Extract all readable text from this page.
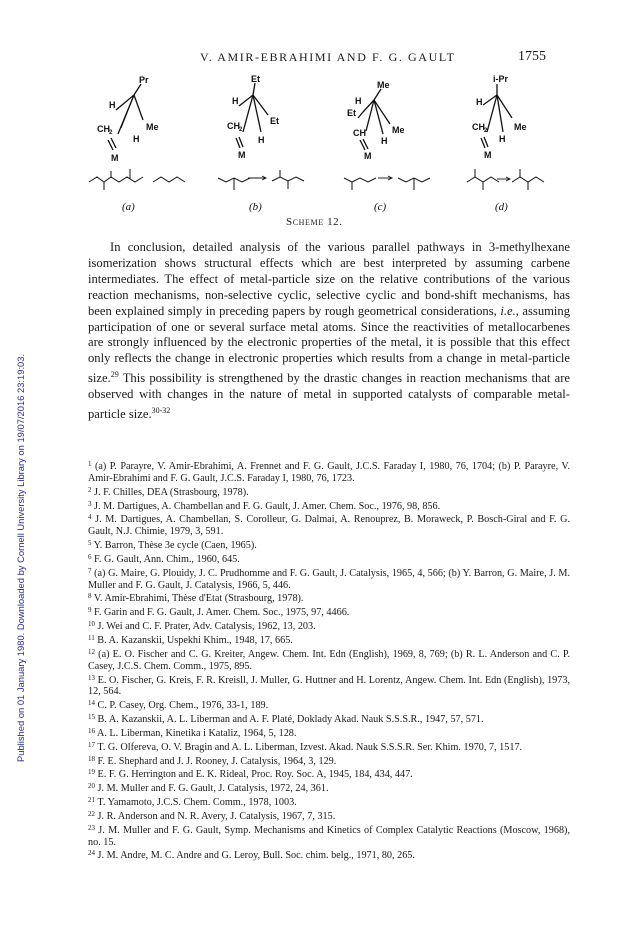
Published on 01 January 1980. Downloaded by Cornell University Library on 19/07/2016 23:19:03.
V. AMIR-EBRAHIMI AND F. G. GAULT	1755
H
Pr
CH 2
Me
H
M
H
Et
CH 2
Et
H
M
H
Me
Et
CH	Me
H
M
H
i-Pr
CH 2	Me
H
M
(a)	(b)	(c)	(d)
Scheme 12.
In conclusion, detailed analysis of the various parallel pathways in 3-methylhexane isomerization shows structural effects which are best interpreted by assuming carbene intermediates. The effect of metal-particle size on the relative contributions of the various reaction mechanisms, non-selective cyclic, selective cyclic and bond-shift mechanisms, has been explained simply in preceding papers by rough geometrical considerations, i.e., assuming participation of one or several surface metal atoms. Since the reactivities of metallocarbenes are strongly influenced by the electronic properties of the metal, it is possible that this effect only reflects the change in electronic properties which results from a change in metal-particle size.$^{29}$ This possibility is strengthened by the drastic changes in reaction mechanisms that are observed with changes in the nature of metal in supported catalysts of comparable metal-particle size.$^{30-32}$
$^1$ (a) P. Parayre, V. Amir-Ebrahimi, A. Frennet and F. G. Gault, J.C.S. Faraday I, 1980, 76, 1704; (b) P. Parayre, V. Amir-Ebrahimi and F. G. Gault, J.C.S. Faraday I, 1980, 76, 1723.
$^2$ J. F. Chilles, DEA (Strasbourg, 1978).
$^3$ J. M. Dartigues, A. Chambellan and F. G. Gault, J. Amer. Chem. Soc., 1976, 98, 856.
$^4$ J. M. Dartigues, A. Chambellan, S. Corolleur, G. Dalmai, A. Renouprez, B. Moraweck, P. Bosch-Giral and F. G. Gault, N.J. Chimie, 1979, 3, 591.
$^5$ Y. Barron, Thèse 3e cycle (Caen, 1965).
$^6$ F. G. Gault, Ann. Chim., 1960, 645.
$^7$ (a) G. Maire, G. Plouidy, J. C. Prudhomme and F. G. Gault, J. Catalysis, 1965, 4, 566; (b) Y. Barron, G. Maire, J. M. Muller and F. G. Gault, J. Catalysis, 1966, 5, 446.
$^8$ V. Amir-Ebrahimi, Thèse d'Etat (Strasbourg, 1978).
$^9$ F. Garin and F. G. Gault, J. Amer. Chem. Soc., 1975, 97, 4466.
$^{10}$ J. Wei and C. F. Prater, Adv. Catalysis, 1962, 13, 203.
$^{11}$ B. A. Kazanskii, Uspekhi Khim., 1948, 17, 665.
$^{12}$ (a) E. O. Fischer and C. G. Kreiter, Angew. Chem. Int. Edn (English), 1969, 8, 769; (b) R. L. Anderson and C. P. Casey, J.C.S. Chem. Comm., 1975, 895.
$^{13}$ E. O. Fischer, G. Kreis, F. R. Kreisll, J. Muller, G. Huttner and H. Lorentz, Angew. Chem. Int. Edn (English), 1973, 12, 564.
$^{14}$ C. P. Casey, Org. Chem., 1976, 33-1, 189.
$^{15}$ B. A. Kazanskii, A. L. Liberman and A. F. Platé, Doklady Akad. Nauk S.S.S.R., 1947, 57, 571.
$^{16}$ A. L. Liberman, Kinetika i Kataliz, 1964, 5, 128.
$^{17}$ T. G. Olfereva, O. V. Bragin and A. L. Liberman, Izvest. Akad. Nauk S.S.S.R. Ser. Khim. 1970, 7, 1517.
$^{18}$ F. E. Shephard and J. J. Rooney, J. Catalysis, 1964, 3, 129.
$^{19}$ E. F. G. Herrington and E. K. Rideal, Proc. Roy. Soc. A, 1945, 184, 434, 447.
$^{20}$ J. M. Muller and F. G. Gault, J. Catalysis, 1972, 24, 361.
$^{21}$ T. Yamamoto, J.C.S. Chem. Comm., 1978, 1003.
$^{22}$ J. R. Anderson and N. R. Avery, J. Catalysis, 1967, 7, 315.
$^{23}$ J. M. Muller and F. G. Gault, Symp. Mechanisms and Kinetics of Complex Catalytic Reactions (Moscow, 1968), no. 15.
$^{24}$ J. M. Andre, M. C. Andre and G. Leroy, Bull. Soc. chim. belg., 1971, 80, 265.
